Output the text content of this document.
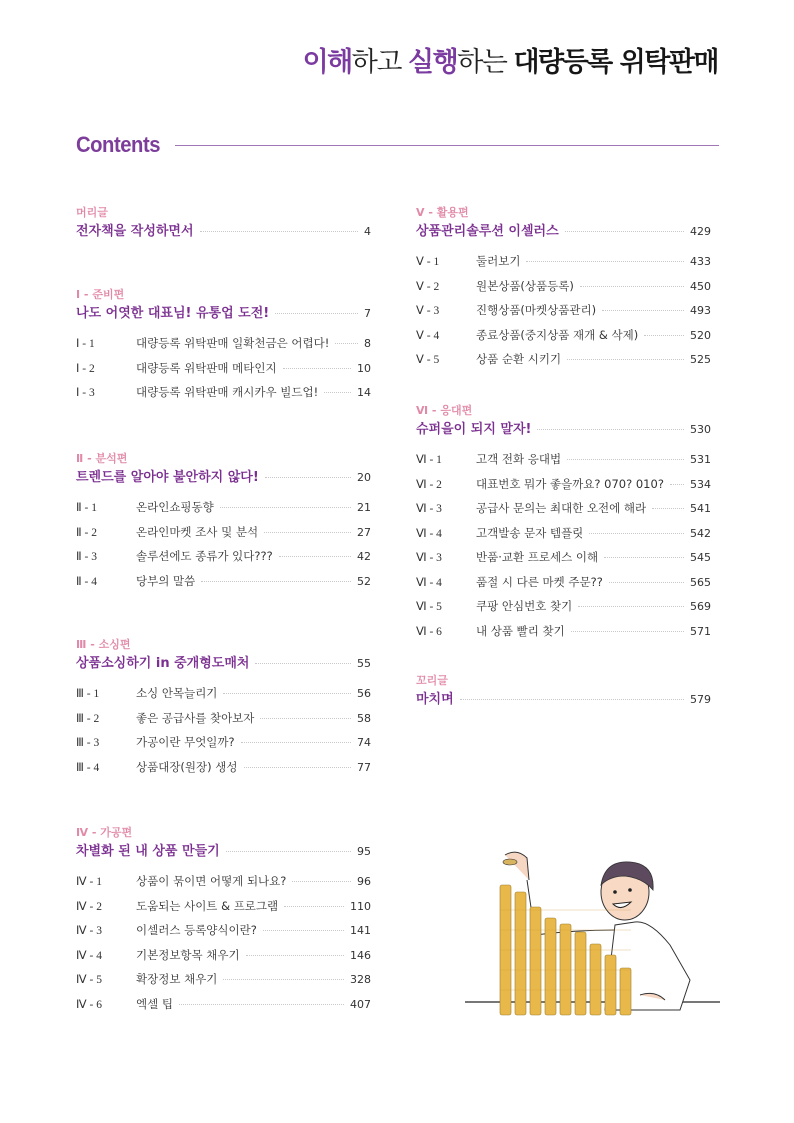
이해하고 실행하는 대량등록 위탁판매
Contents
머리글
전자책을 작성하면서	4
Ⅰ - 준비편
나도 어엿한 대표님! 유통업 도전!	7
Ⅰ - 1	대량등록 위탁판매 일확천금은 어렵다!	8
Ⅰ - 2	대량등록 위탁판매 메타인지	10
Ⅰ - 3	대량등록 위탁판매 캐시카우 빌드업!	14
Ⅱ - 분석편
트렌드를 알아야 불안하지 않다!	20
Ⅱ - 1	온라인쇼핑동향	21
Ⅱ - 2	온라인마켓 조사 및 분석	27
Ⅱ - 3	솔루션에도 종류가 있다???	42
Ⅱ - 4	당부의 말씀	52
Ⅲ - 소싱편
상품소싱하기 in 중개형도매처	55
Ⅲ - 1	소싱 안목늘리기	56
Ⅲ - 2	좋은 공급사를 찾아보자	58
Ⅲ - 3	가공이란 무엇일까?	74
Ⅲ - 4	상품대장(원장) 생성	77
Ⅳ - 가공편
차별화 된 내 상품 만들기	95
Ⅳ - 1	상품이 묶이면 어떻게 되나요?	96
Ⅳ - 2	도움되는 사이트 & 프로그램	110
Ⅳ - 3	이셀러스 등록양식이란?	141
Ⅳ - 4	기본정보항목 채우기	146
Ⅳ - 5	확장정보 채우기	328
Ⅳ - 6	엑셀 팁	407
Ⅴ - 활용편
상품관리솔루션 이셀러스	429
Ⅴ - 1	둘러보기	433
Ⅴ - 2	원본상품(상품등록)	450
Ⅴ - 3	진행상품(마켓상품관리)	493
Ⅴ - 4	종료상품(중지상품 재개 & 삭제)	520
Ⅴ - 5	상품 순환 시키기	525
Ⅵ - 응대편
슈퍼을이 되지 말자!	530
Ⅵ - 1	고객 전화 응대법	531
Ⅵ - 2	대표번호 뭐가 좋을까요? 070? 010? 534
Ⅵ - 3	공급사 문의는 최대한 오전에 해라	541
Ⅵ - 4	고객발송 문자 템플릿	542
Ⅵ - 3	반품·교환 프로세스 이해	545
Ⅵ - 4	품절 시 다른 마켓 주문??	565
Ⅵ - 5	쿠팡 안심번호 찾기	569
Ⅵ - 6	내 상품 빨리 찾기	571
꼬리글
마치며	579
